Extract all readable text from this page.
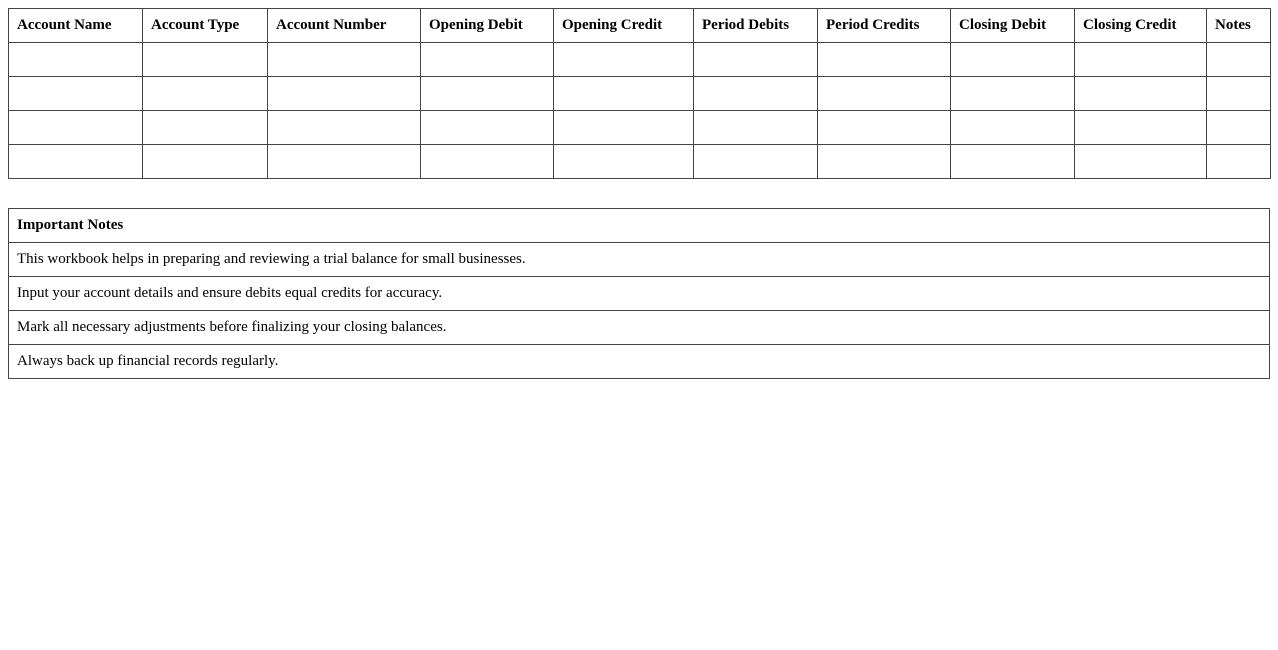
Account Name	Account Type	Account Number	Opening Debit	Opening Credit	Period Debits	Period Credits	Closing Debit	Closing Credit	Notes

Important Notes
This workbook helps in preparing and reviewing a trial balance for small businesses.
Input your account details and ensure debits equal credits for accuracy.
Mark all necessary adjustments before finalizing your closing balances.
Always back up financial records regularly.
